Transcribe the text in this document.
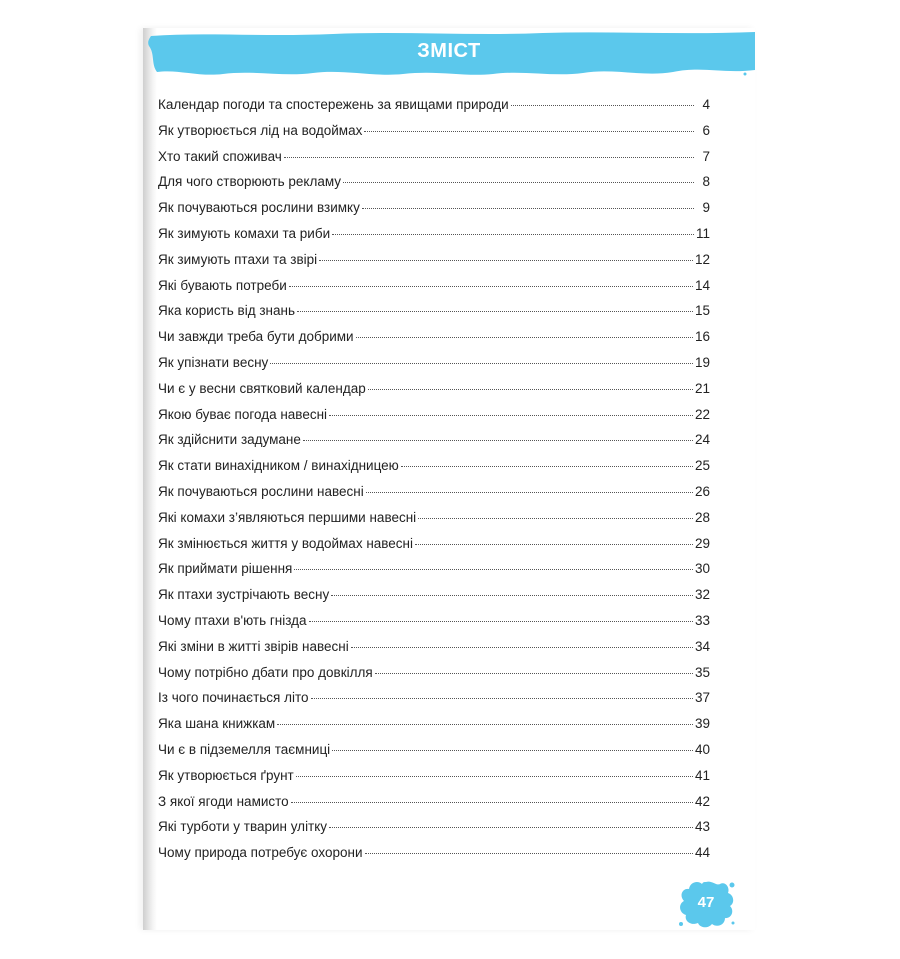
ЗМІСТ
Календар погоди та спостережень за явищами природи	4
Як утворюється лід на водоймах	6
Хто такий споживач	7
Для чого створюють рекламу	8
Як почуваються рослини взимку	9
Як зимують комахи та риби	11
Як зимують птахи та звірі	12
Які бувають потреби	14
Яка користь від знань	15
Чи завжди треба бути добрими	16
Як упізнати весну	19
Чи є у весни святковий календар	21
Якою буває погода навесні	22
Як здійснити задумане	24
Як стати винахідником / винахідницею	25
Як почуваються рослини навесні	26
Які комахи з’являються першими навесні	28
Як змінюється життя у водоймах навесні	29
Як приймати рішення	30
Як птахи зустрічають весну	32
Чому птахи в'ють гнізда	33
Які зміни в житті звірів навесні	34
Чому потрібно дбати про довкілля	35
Із чого починається літо	37
Яка шана книжкам	39
Чи є в підземелля таємниці	40
Як утворюється ґрунт	41
З якої ягоди намисто	42
Які турботи у тварин улітку	43
Чому природа потребує охорони	44
47
